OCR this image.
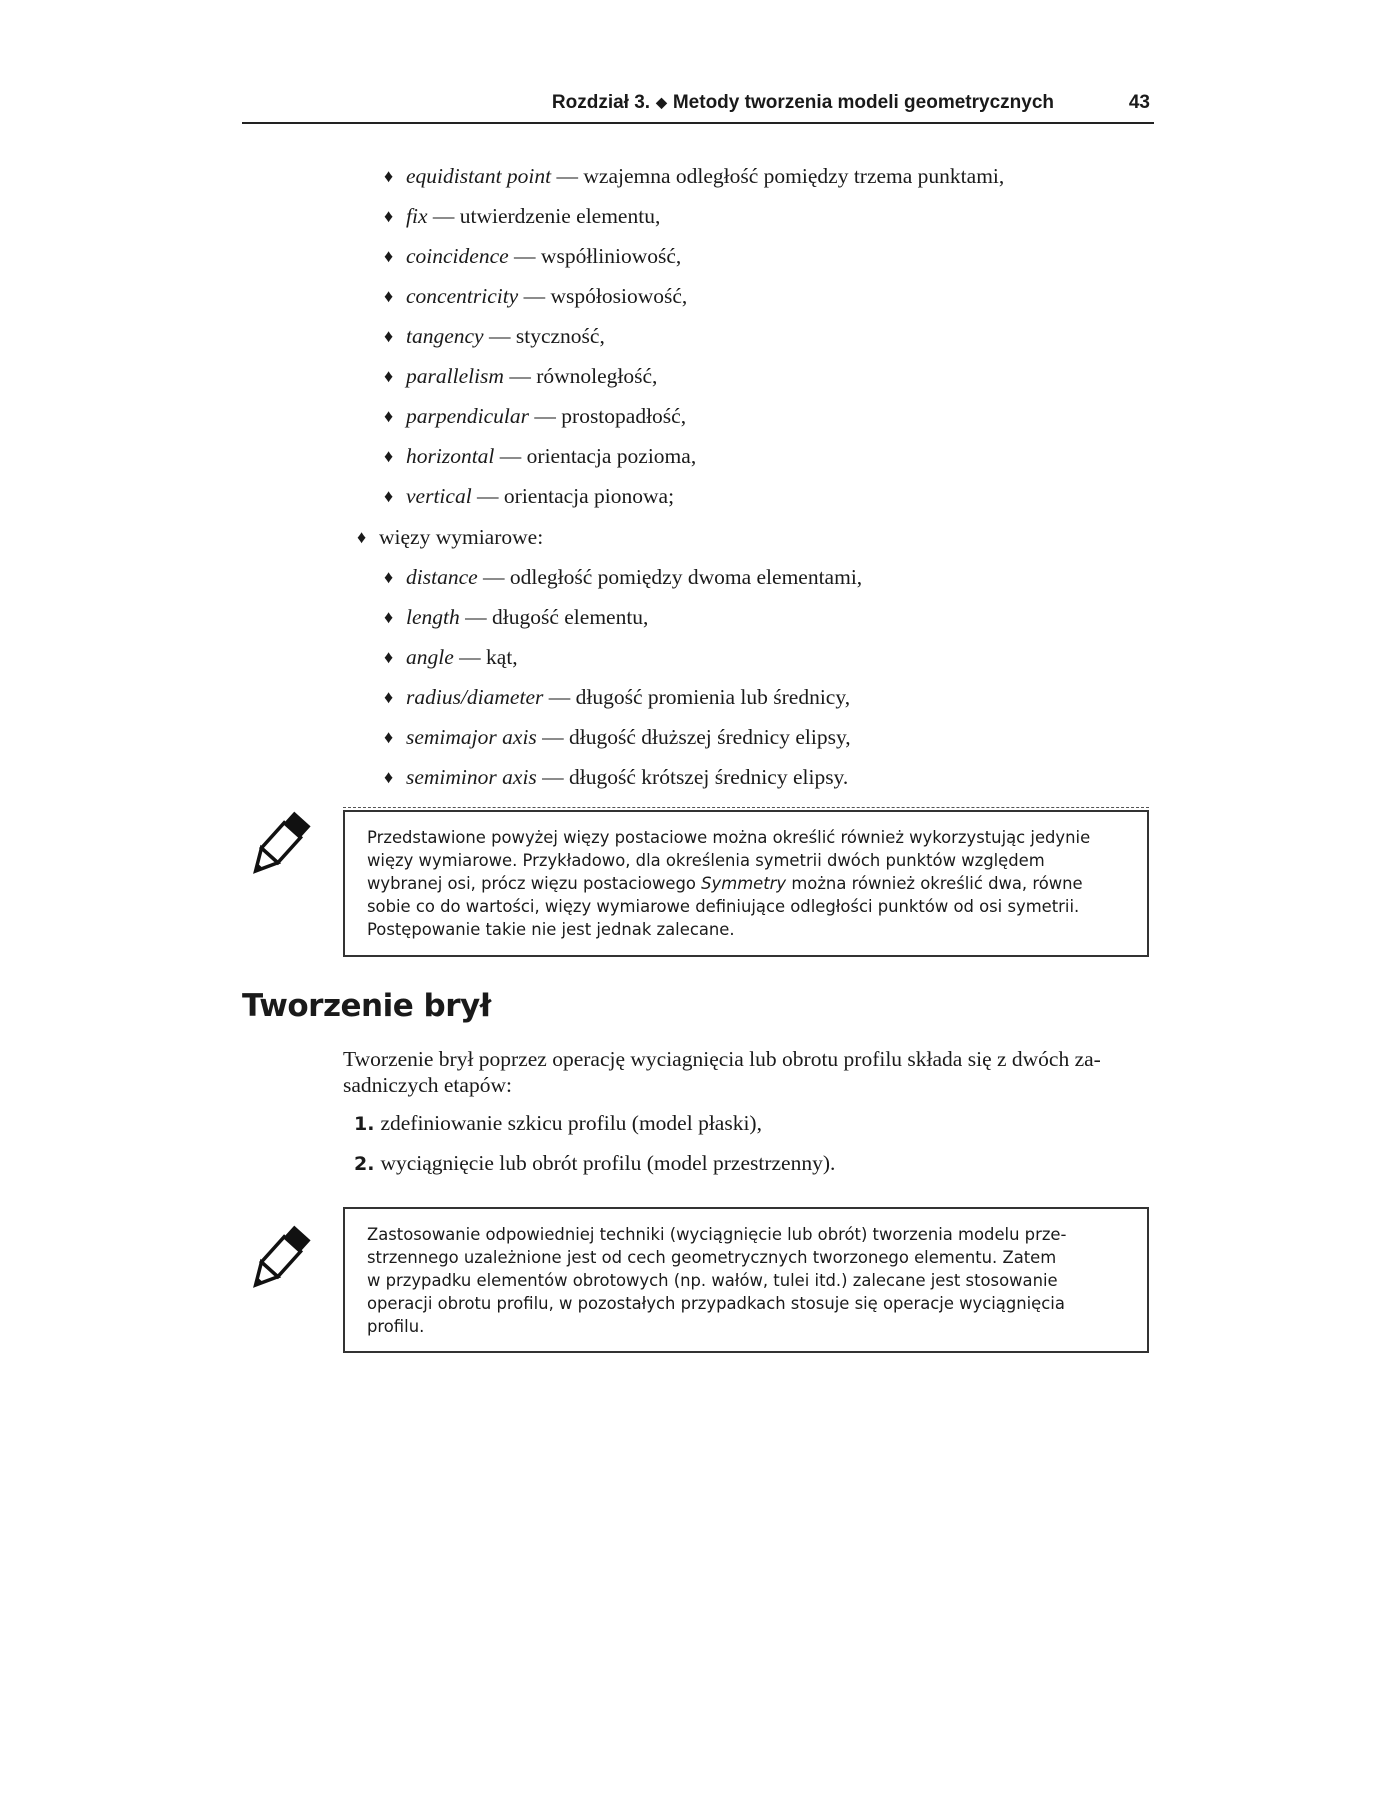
Rozdział 3. ◆ Metody tworzenia modeli geometrycznych	43
♦ equidistant point — wzajemna odległość pomiędzy trzema punktami,
♦ fix — utwierdzenie elementu,
♦ coincidence — współliniowość,
♦ concentricity — współosiowość,
♦ tangency — styczność,
♦ parallelism — równoległość,
♦ parpendicular — prostopadłość,
♦ horizontal — orientacja pozioma,
♦ vertical — orientacja pionowa;
♦ więzy wymiarowe:
♦ distance — odległość pomiędzy dwoma elementami,
♦ length — długość elementu,
♦ angle — kąt,
♦ radius/diameter — długość promienia lub średnicy,
♦ semimajor axis — długość dłuższej średnicy elipsy,
♦ semiminor axis — długość krótszej średnicy elipsy.
Przedstawione powyżej więzy postaciowe można określić również wykorzystując jedynie
więzy wymiarowe. Przykładowo, dla określenia symetrii dwóch punktów względem
wybranej osi, prócz więzu postaciowego Symmetry można również określić dwa, równe
sobie co do wartości, więzy wymiarowe definiujące odległości punktów od osi symetrii.
Postępowanie takie nie jest jednak zalecane.
Tworzenie brył

Tworzenie brył poprzez operację wyciagnięcia lub obrotu profilu składa się z dwóch za-
sadniczych etapów:

1. zdefiniowanie szkicu profilu (model płaski),
2. wyciągnięcie lub obrót profilu (model przestrzenny).
Zastosowanie odpowiedniej techniki (wyciągnięcie lub obrót) tworzenia modelu prze-
strzennego uzależnione jest od cech geometrycznych tworzonego elementu. Zatem
w przypadku elementów obrotowych (np. wałów, tulei itd.) zalecane jest stosowanie
operacji obrotu profilu, w pozostałych przypadkach stosuje się operacje wyciągnięcia
profilu.
